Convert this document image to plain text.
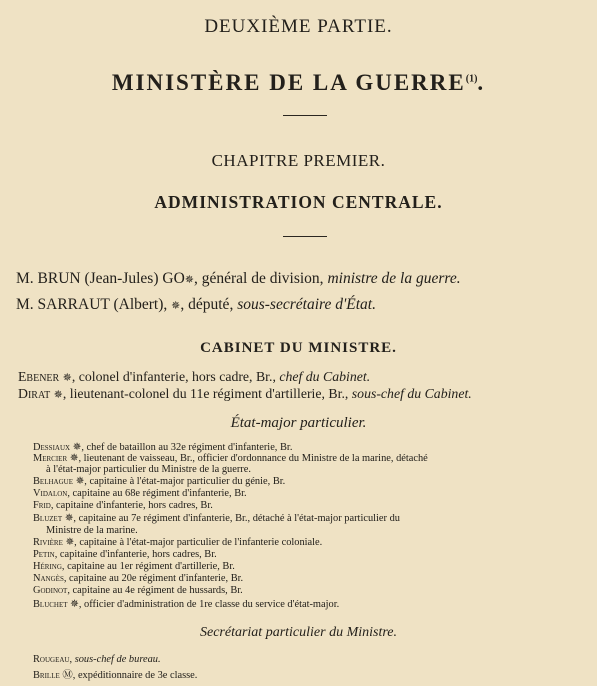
DEUXIÈME PARTIE.
MINISTÈRE DE LA GUERRE$^{(1)}$.
CHAPITRE PREMIER.
ADMINISTRATION CENTRALE.
M. BRUN (Jean-Jules) GO✵, général de division, ministre de la guerre.
M. SARRAUT (Albert), ✵, député, sous-secrétaire d'État.
CABINET DU MINISTRE.
Ebener ✵, colonel d'infanterie, hors cadre, Br., chef du Cabinet.
Dirat ✵, lieutenant-colonel du 11e régiment d'artillerie, Br., sous-chef du Cabinet.
État-major particulier.
Dessiaux ✵, chef de bataillon au 32e régiment d'infanterie, Br.
Mercier ✵, lieutenant de vaisseau, Br., officier d'ordonnance du Ministre de la marine, détaché
à l'état-major particulier du Ministre de la guerre.
Belhague ✵, capitaine à l'état-major particulier du génie, Br.
Vidalon, capitaine au 68e régiment d'infanterie, Br.
Frid, capitaine d'infanterie, hors cadres, Br.
Bluzet ✵, capitaine au 7e régiment d'infanterie, Br., détaché à l'état-major particulier du
Ministre de la marine.
Rivière ✵, capitaine à l'état-major particulier de l'infanterie coloniale.
Petin, capitaine d'infanterie, hors cadres, Br.
Héring, capitaine au 1er régiment d'artillerie, Br.
Nangès, capitaine au 20e régiment d'infanterie, Br.
Godinot, capitaine au 4e régiment de hussards, Br.
Bluchet ✵, officier d'administration de 1re classe du service d'état-major.
Secrétariat particulier du Ministre.
Rougeau, sous-chef de bureau.
Brille Ⓜ, expéditionnaire de 3e classe.
